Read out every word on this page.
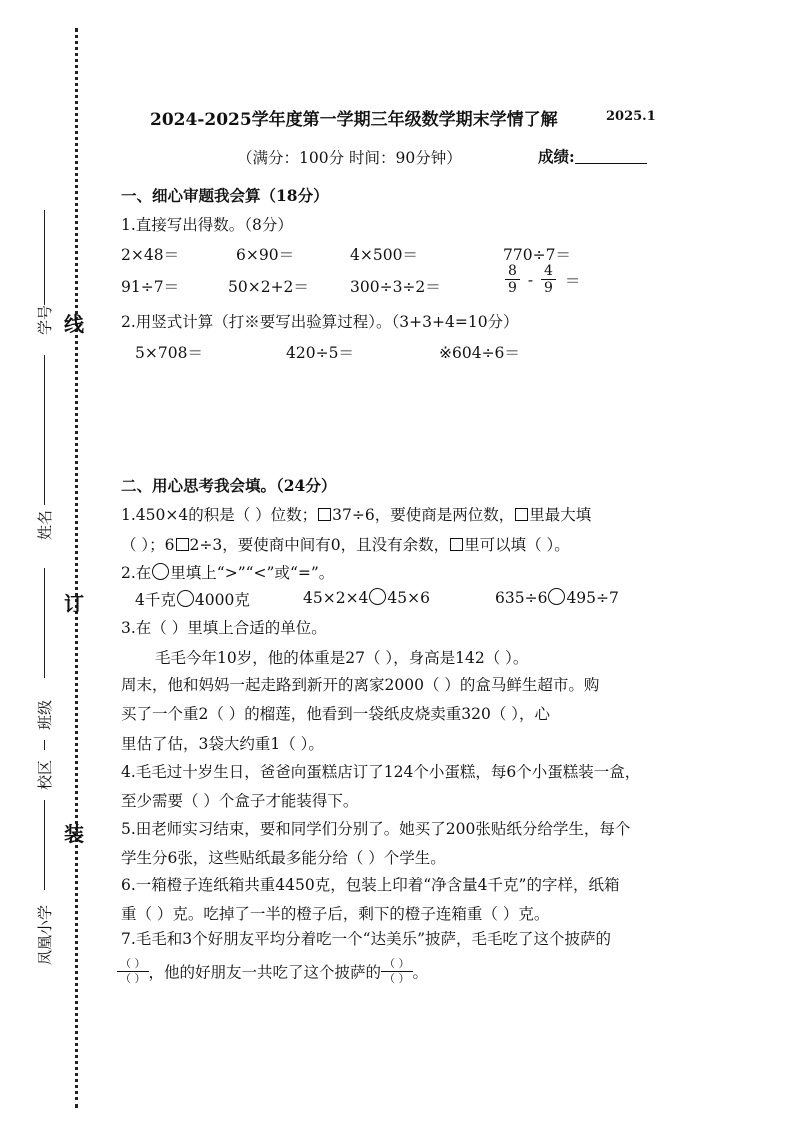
线
订
装
学号
姓名
班级
校区
凤凰小学
2024-2025学年度第一学期三年级数学期末学情了解	2025.1
（满分：100分 时间：90分钟）	成绩:
一、细心审题我会算（18分）
1.直接写出得数。（8分）
2×48＝	6×90＝	4×500＝	770÷7＝
91÷7＝	50×2+2＝	300÷3÷2＝	$\frac{8}{9} - \frac{4}{9}$ ＝
2.用竖式计算（打※要写出验算过程）。（3+3+4=10分）
5×708＝	420÷5＝	※604÷6＝
二、用心思考我会填。（24分）
1.450×4的积是（ ）位数； 37÷6，要使商是两位数， 里最大填
（ ）；6 2÷3，要使商中间有0，且没有余数， 里可以填（ ）。
2.在 里填上“>”“<”或“=”。
4千克 4000克	45×2×4 45×6	635÷6 495÷7
3.在（ ）里填上合适的单位。
毛毛今年10岁，他的体重是27（ ），身高是142（ ）。
周末，他和妈妈一起走路到新开的离家2000（ ）的盒马鲜生超市。购
买了一个重2（ ）的榴莲，他看到一袋纸皮烧卖重320（ ），心
里估了估，3袋大约重1（ ）。
4.毛毛过十岁生日，爸爸向蛋糕店订了124个小蛋糕，每6个小蛋糕装一盒，
至少需要（ ）个盒子才能装得下。
5.田老师实习结束，要和同学们分别了。她买了200张贴纸分给学生，每个
学生分6张，这些贴纸最多能分给（ ）个学生。
6.一箱橙子连纸箱共重4450克，包装上印着“净含量4千克”的字样，纸箱
重（ ）克。吃掉了一半的橙子后，剩下的橙子连箱重（ ）克。
7.毛毛和3个好朋友平均分着吃一个“达美乐”披萨，毛毛吃了这个披萨的
$\frac{( )}{( )}$ ，他的好朋友一共吃了这个披萨的 $\frac{( )}{( )}$ 。
